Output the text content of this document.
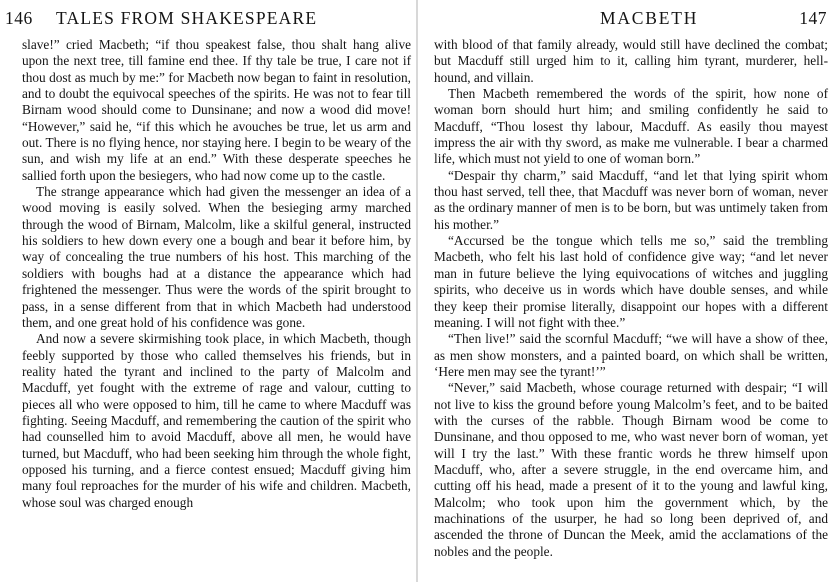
146 TALES FROM SHAKESPEARE

slave!” cried Macbeth; “if thou speakest false, thou shalt hang alive upon the next tree, till famine end thee. If thy tale be true, I care not if thou dost as much by me:” for Macbeth now began to faint in resolution, and to doubt the equivocal speeches of the spirits. He was not to fear till Birnam wood should come to Dunsinane; and now a wood did move! “However,” said he, “if this which he avouches be true, let us arm and out. There is no flying hence, nor staying here. I begin to be weary of the sun, and wish my life at an end.” With these desperate speeches he sallied forth upon the besiegers, who had now come up to the castle.

The strange appearance which had given the messenger an idea of a wood moving is easily solved. When the besieging army marched through the wood of Birnam, Malcolm, like a skilful general, instructed his soldiers to hew down every one a bough and bear it before him, by way of concealing the true numbers of his host. This marching of the soldiers with boughs had at a distance the appearance which had frightened the messenger. Thus were the words of the spirit brought to pass, in a sense different from that in which Macbeth had understood them, and one great hold of his confidence was gone.

And now a severe skirmishing took place, in which Macbeth, though feebly supported by those who called themselves his friends, but in reality hated the tyrant and inclined to the party of Malcolm and Macduff, yet fought with the extreme of rage and valour, cutting to pieces all who were opposed to him, till he came to where Macduff was fighting. Seeing Macduff, and remembering the caution of the spirit who had counselled him to avoid Macduff, above all men, he would have turned, but Macduff, who had been seeking him through the whole fight, opposed his turning, and a fierce contest ensued; Macduff giving him many foul reproaches for the murder of his wife and children. Macbeth, whose soul was charged enough

MACBETH	147

with blood of that family already, would still have declined the combat; but Macduff still urged him to it, calling him tyrant, murderer, hell-hound, and villain.

Then Macbeth remembered the words of the spirit, how none of woman born should hurt him; and smiling confidently he said to Macduff, “Thou losest thy labour, Macduff. As easily thou mayest impress the air with thy sword, as make me vulnerable. I bear a charmed life, which must not yield to one of woman born.”

“Despair thy charm,” said Macduff, “and let that lying spirit whom thou hast served, tell thee, that Macduff was never born of woman, never as the ordinary manner of men is to be born, but was untimely taken from his mother.”

“Accursed be the tongue which tells me so,” said the trembling Macbeth, who felt his last hold of confidence give way; “and let never man in future believe the lying equivocations of witches and juggling spirits, who deceive us in words which have double senses, and while they keep their promise literally, disappoint our hopes with a different meaning. I will not fight with thee.”

“Then live!” said the scornful Macduff; “we will have a show of thee, as men show monsters, and a painted board, on which shall be written, ‘Here men may see the tyrant!’”

“Never,” said Macbeth, whose courage returned with despair; “I will not live to kiss the ground before young Malcolm’s feet, and to be baited with the curses of the rabble. Though Birnam wood be come to Dunsinane, and thou opposed to me, who wast never born of woman, yet will I try the last.” With these frantic words he threw himself upon Macduff, who, after a severe struggle, in the end overcame him, and cutting off his head, made a present of it to the young and lawful king, Malcolm; who took upon him the government which, by the machinations of the usurper, he had so long been deprived of, and ascended the throne of Duncan the Meek, amid the acclamations of the nobles and the people.
